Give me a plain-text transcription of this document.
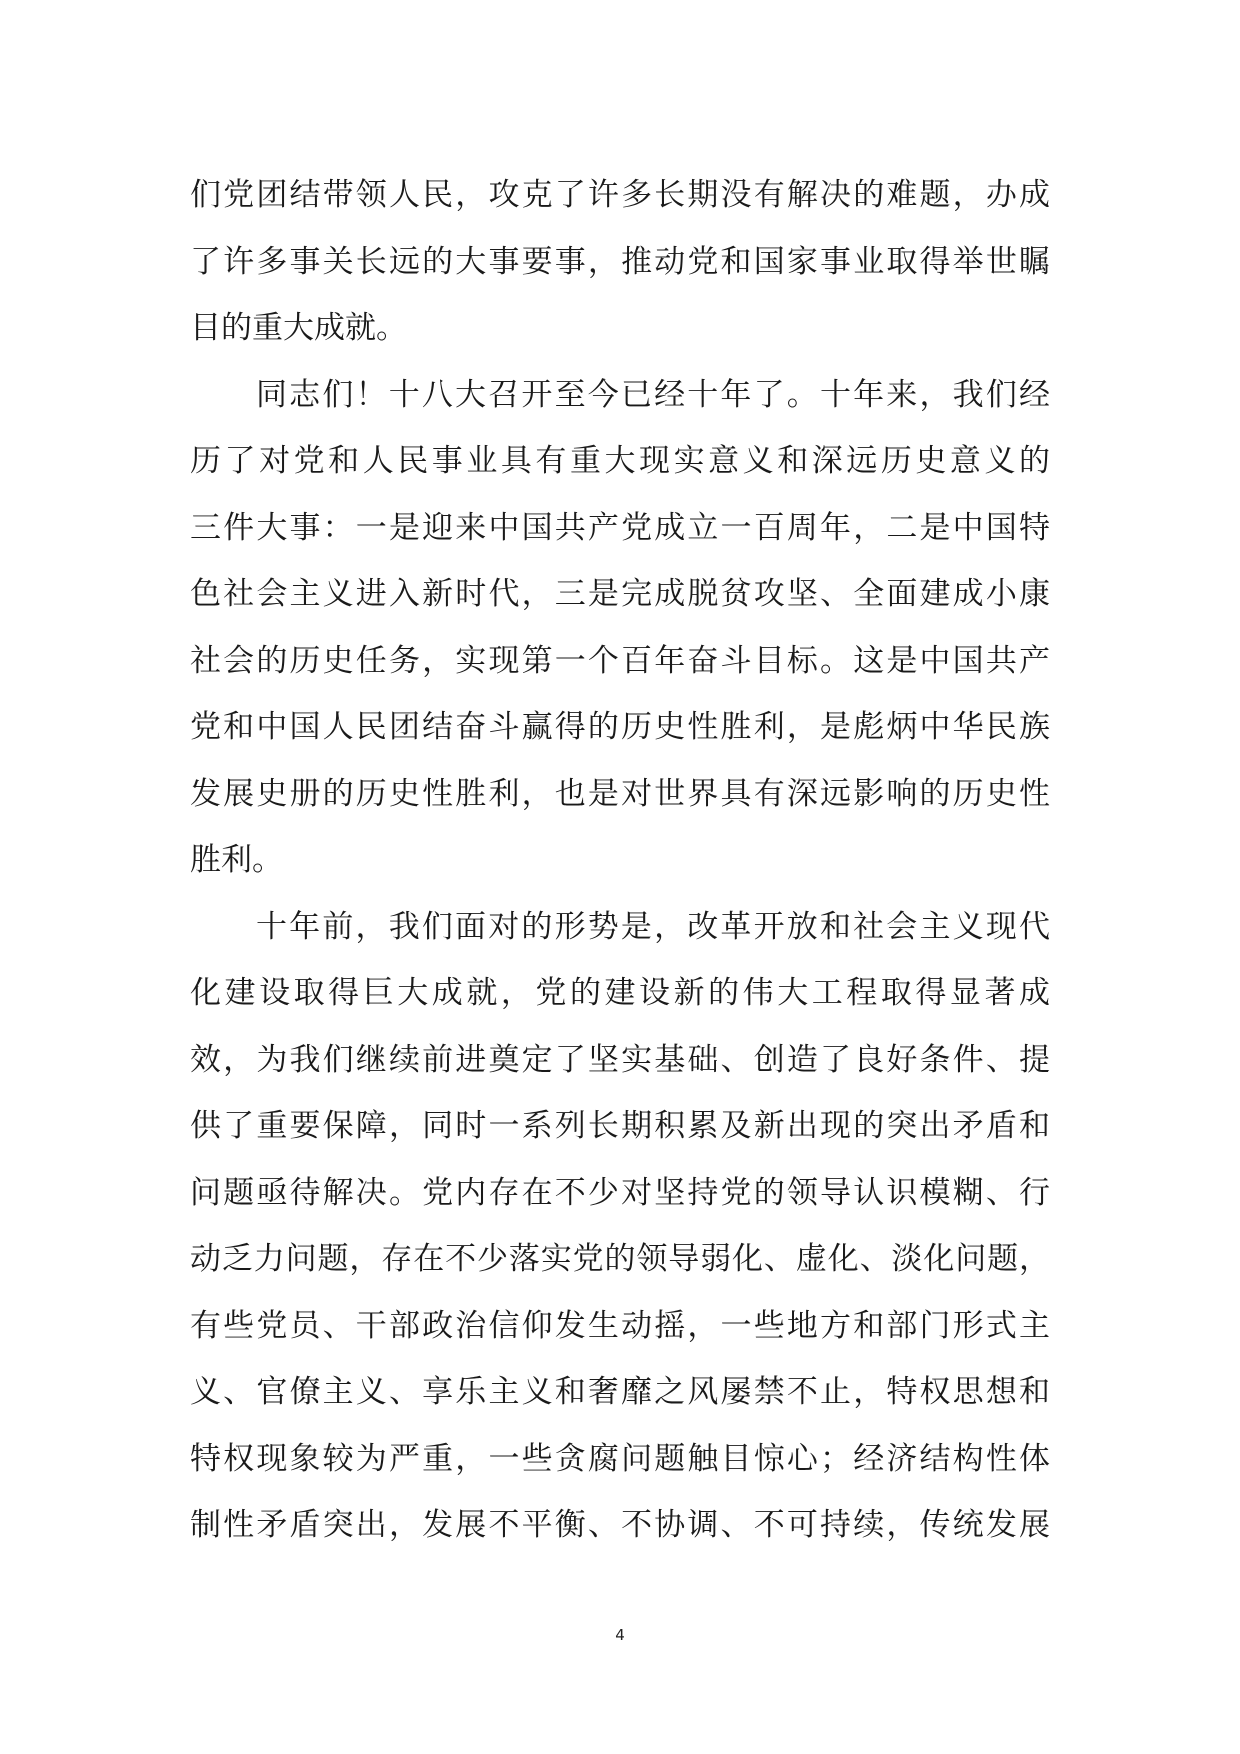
们党团结带领人民，攻克了许多长期没有解决的难题，办成
了许多事关长远的大事要事，推动党和国家事业取得举世瞩
目的重大成就。
同志们！十八大召开至今已经十年了。十年来，我们经
历了对党和人民事业具有重大现实意义和深远历史意义的
三件大事：一是迎来中国共产党成立一百周年，二是中国特
色社会主义进入新时代，三是完成脱贫攻坚、全面建成小康
社会的历史任务，实现第一个百年奋斗目标。这是中国共产
党和中国人民团结奋斗赢得的历史性胜利，是彪炳中华民族
发展史册的历史性胜利，也是对世界具有深远影响的历史性
胜利。
十年前，我们面对的形势是，改革开放和社会主义现代
化建设取得巨大成就，党的建设新的伟大工程取得显著成
效，为我们继续前进奠定了坚实基础、创造了良好条件、提
供了重要保障，同时一系列长期积累及新出现的突出矛盾和
问题亟待解决。党内存在不少对坚持党的领导认识模糊、行
动乏力问题，存在不少落实党的领导弱化、虚化、淡化问题，
有些党员、干部政治信仰发生动摇，一些地方和部门形式主
义、官僚主义、享乐主义和奢靡之风屡禁不止，特权思想和
特权现象较为严重，一些贪腐问题触目惊心；经济结构性体
制性矛盾突出，发展不平衡、不协调、不可持续，传统发展
4
